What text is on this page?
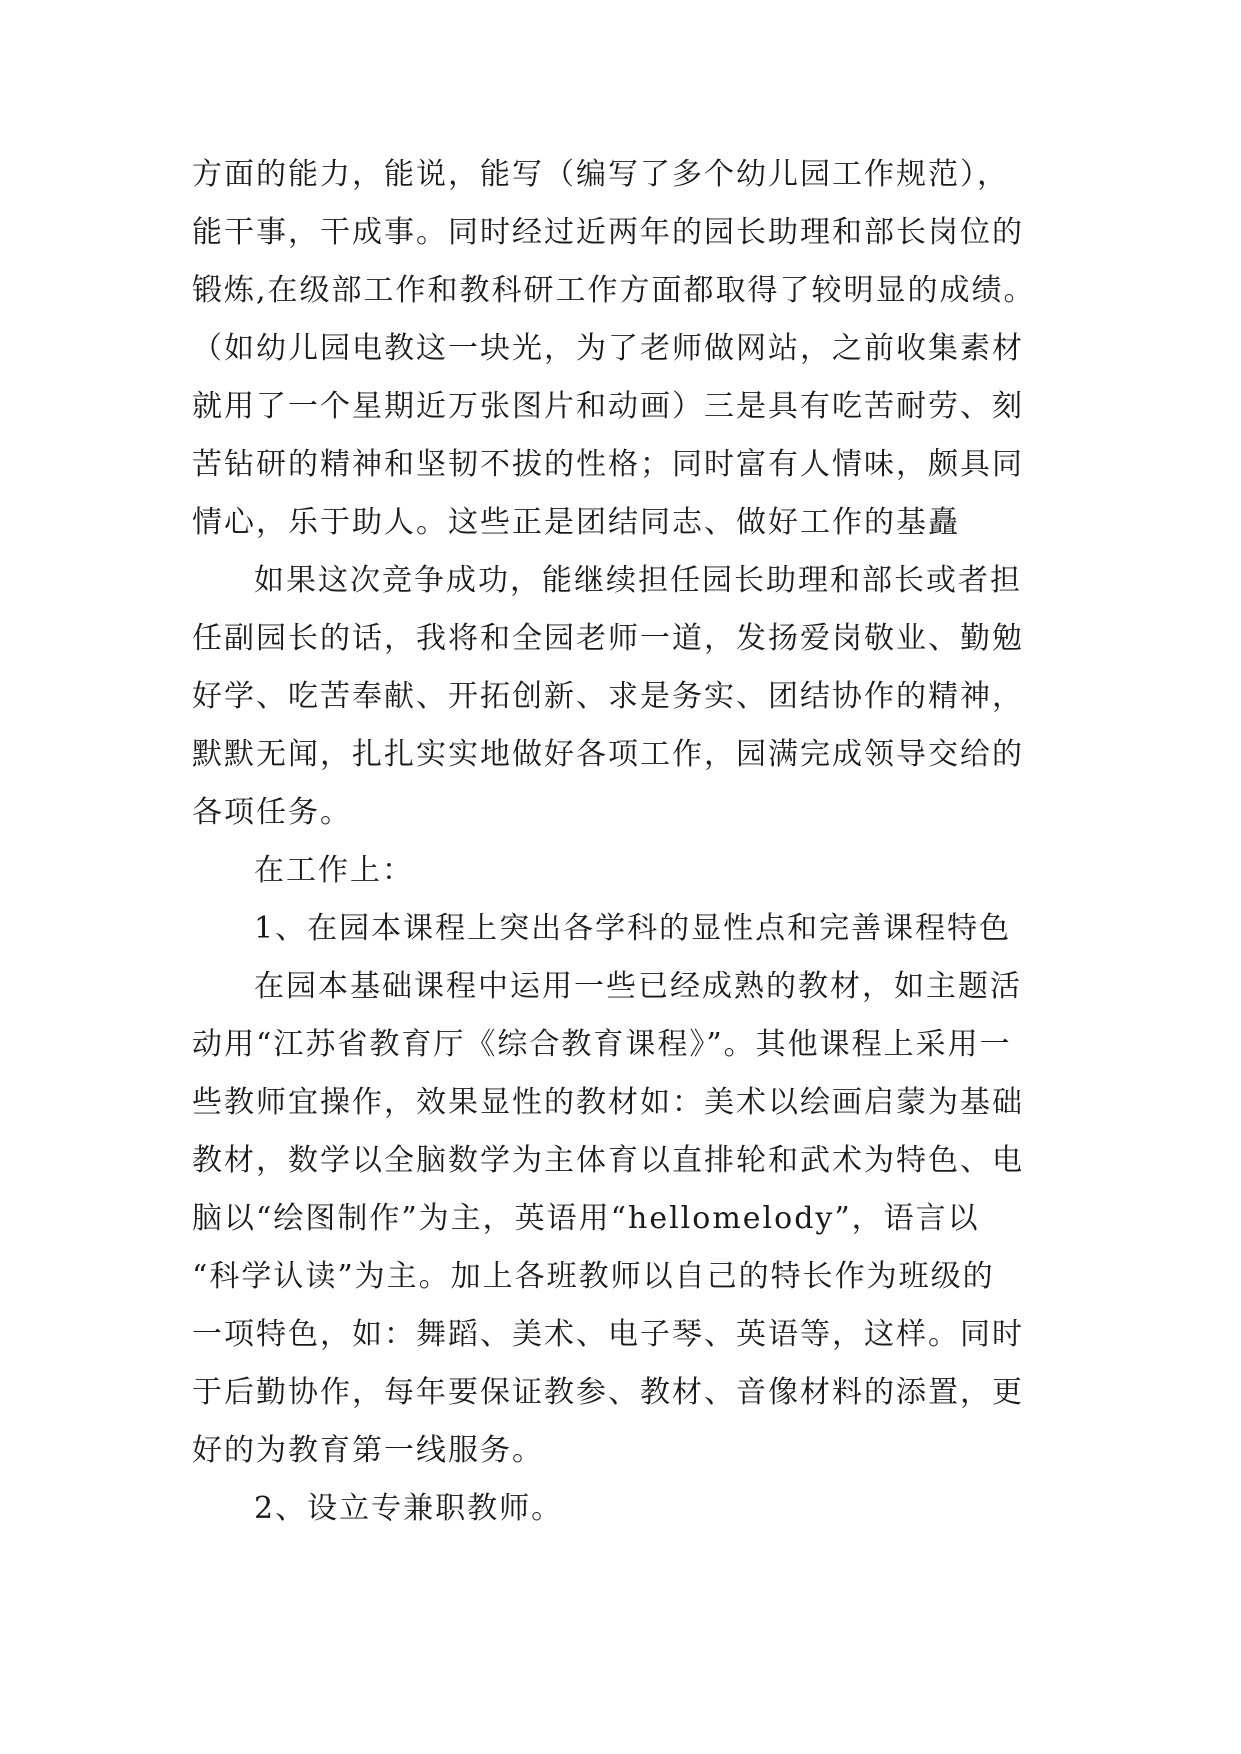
方面的能力，能说，能写（编写了多个幼儿园工作规范），
能干事，干成事。同时经过近两年的园长助理和部长岗位的
锻炼,在级部工作和教科研工作方面都取得了较明显的成绩。
（如幼儿园电教这一块光，为了老师做网站，之前收集素材
就用了一个星期近万张图片和动画）三是具有吃苦耐劳、刻
苦钻研的精神和坚韧不拔的性格；同时富有人情味，颇具同
情心，乐于助人。这些正是团结同志、做好工作的基矗
如果这次竞争成功，能继续担任园长助理和部长或者担
任副园长的话，我将和全园老师一道，发扬爱岗敬业、勤勉
好学、吃苦奉献、开拓创新、求是务实、团结协作的精神，
默默无闻，扎扎实实地做好各项工作，园满完成领导交给的
各项任务。
在工作上：
1、在园本课程上突出各学科的显性点和完善课程特色
在园本基础课程中运用一些已经成熟的教材，如主题活
动用“江苏省教育厅《综合教育课程》”。其他课程上采用一
些教师宜操作，效果显性的教材如：美术以绘画启蒙为基础
教材，数学以全脑数学为主体育以直排轮和武术为特色、电
脑以“绘图制作”为主，英语用“hellomelody”，语言以
“科学认读”为主。加上各班教师以自己的特长作为班级的
一项特色，如：舞蹈、美术、电子琴、英语等，这样。同时
于后勤协作，每年要保证教参、教材、音像材料的添置，更
好的为教育第一线服务。
2、设立专兼职教师。
